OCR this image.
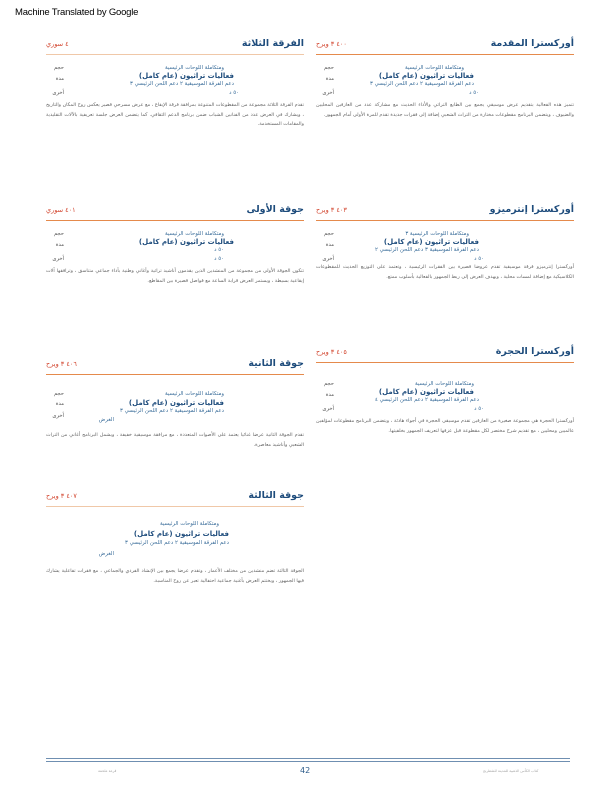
Machine Translated by Google
٤٠٠ ٣ ويرح	أوركسترا المقدمة
حجم
مدة
أخرى
ومتكاملة اللوحات الرئيسية
فعاليات تراثيون (عام كامل)
دعم الفرقة الموسيقية ٢ دعم اللحن الرئيسي ٣
٥٠ د
تتميز هذه الفعالية بتقديم عرض موسيقي يجمع بين الطابع التراثي والأداء الحديث مع مشاركة عدد من العازفين المحليين والضيوف ، ويتضمن البرنامج مقطوعات مختارة من التراث الشعبي إضافة إلى فقرات جديدة تقدم للمرة الأولى أمام الجمهور.
٤٠٣ ٣ ويرح	أوركسترا إنترميزو
حجم
مدة
أخرى
ومتكاملة اللوحات الرئيسية ٣
فعاليات تراثيون (عام كامل)
دعم الفرقة الموسيقية ٣ دعم اللحن الرئيسي ٢
٥٠ د
أوركسترا إنترميزو فرقة موسيقية تقدم عروضا قصيرة بين الفقرات الرئيسية ، وتعتمد على التوزيع الحديث للمقطوعات الكلاسيكية مع إضافة لمسات محلية ، ويهدف العرض إلى ربط الجمهور بالفعالية بأسلوب ممتع.
٤٠٥ ٣ ويرح	أوركسترا الحجرة
حجم
مدة
أخرى
ومتكاملة اللوحات الرئيسية
فعاليات تراثيون (عام كامل)
دعم الفرقة الموسيقية ٢ دعم اللحن الرئيسي ٤
٥٠ د
أوركسترا الحجرة هي مجموعة صغيرة من العازفين تقدم موسيقى الحجرة في أجواء هادئة ، ويتضمن البرنامج مقطوعات لمؤلفين عالميين ومحليين ، مع تقديم شرح مختصر لكل مقطوعة قبل عزفها لتعريف الجمهور بخلفيتها.
٤ سوري	الفرقة الثلاثة
حجم
مدة
أخرى
ومتكاملة اللوحات الرئيسية
فعاليات تراثيون (عام كامل)
دعم الفرقة الموسيقية ٢ دعم اللحن الرئيسي ٣
٥٠ د
تقدم الفرقة الثلاثة مجموعة من المقطوعات المتنوعة بمرافقة فرقة الإيقاع ، مع عرض مسرحي قصير يعكس روح المكان والتاريخ ، ويشارك في العرض عدد من الفنانين الشباب ضمن برنامج الدعم الثقافي. كما يتضمن العرض جلسة تعريفية بالآلات التقليدية والمقامات المستخدمة.
٤٠١ سوري	جوقة الأولى
حجم
مدة
أخرى
ومتكاملة اللوحات الرئيسية
فعاليات تراثيون (عام كامل)
٥٠ د
٥٠ د
تتكون الجوقة الأولى من مجموعة من المنشدين الذين يقدمون أناشيد تراثية وأغاني وطنية بأداء جماعي متناسق ، وترافقها آلات إيقاعية بسيطة ، ويستمر العرض قرابة الساعة مع فواصل قصيرة بين المقاطع.
٤٠٦ ٣ ويرح	جوقة الثانية
حجم
مدة
أخرى
ومتكاملة اللوحات الرئيسية
فعاليات تراثيون (عام كامل)
دعم الفرقة الموسيقية ٢ دعم اللحن الرئيسي ٣
الغرض
تقدم الجوقة الثانية عرضا غنائيا يعتمد على الأصوات المتعددة ، مع مرافقة موسيقية خفيفة ، ويشمل البرنامج أغاني من التراث الشعبي وأناشيد معاصرة.
٤٠٧ ٣ ويرح	جوقة الثالثة
ومتكاملة اللوحات الرئيسية
فعاليات تراثيون (عام كامل)
دعم الفرقة الموسيقية ٢ دعم اللحن الرئيسي ٣
الغرض
الجوقة الثالثة تضم منشدين من مختلف الأعمار ، وتقدم عرضا يجمع بين الإنشاد الفردي والجماعي ، مع فقرات تفاعلية يشارك فيها الجمهور ، ويختتم العرض بأغنية جماعية احتفالية تعبر عن روح المناسبة.
قرعة ملحمة	42	كتاب الكأس الذهبية للمدينة للشطرنج
